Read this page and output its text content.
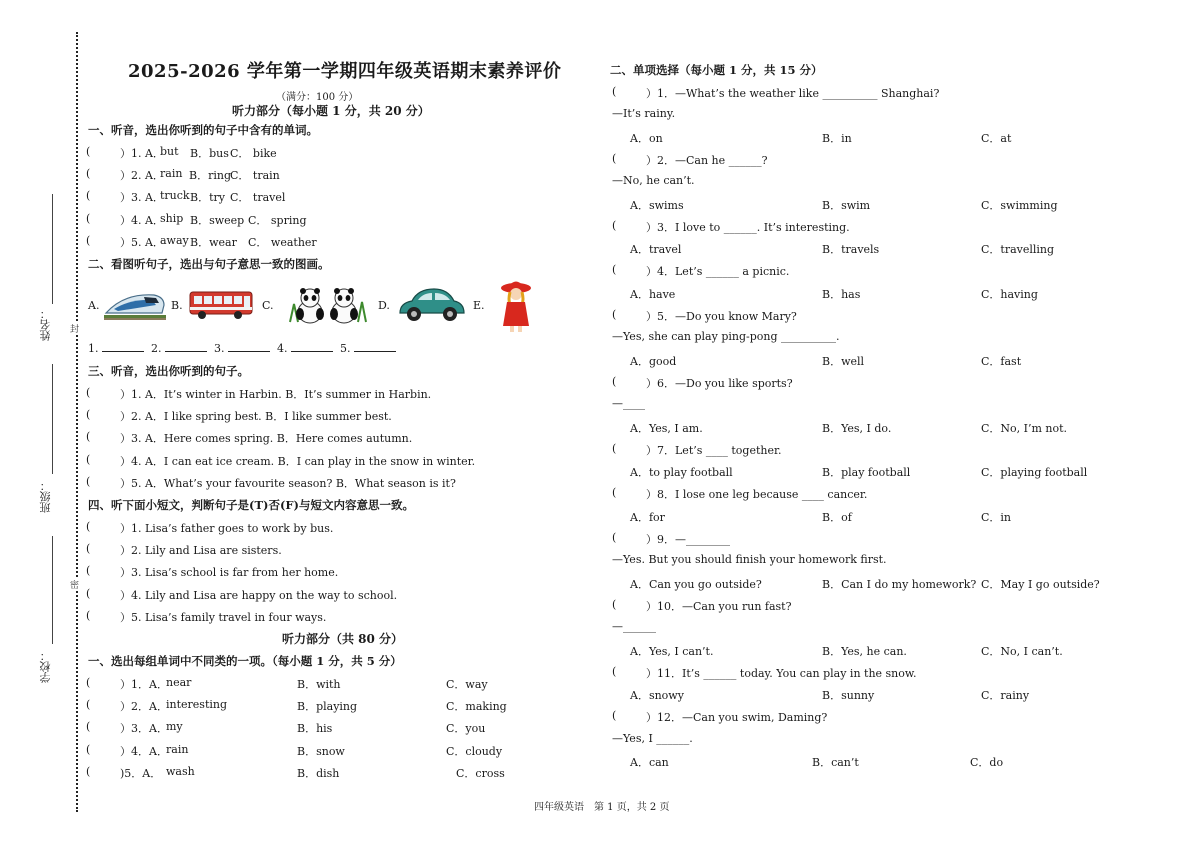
姓名：
班级：
学校：
封
密
2025-2026 学年第一学期四年级英语期末素养评价
（满分：100 分）
听力部分（每小题 1 分，共 20 分）
一、听音，选出你听到的句子中含有的单词。
二、看图听句子，选出与句子意思一致的图画。
A.	B.	C.	D.	E.
三、听音，选出你听到的句子。
四、听下面小短文，判断句子是(T)否(F)与短文内容意思一致。
听力部分（共 80 分）
一、选出每组单词中不同类的一项。（每小题 1 分，共 5 分）
二、单项选择（每小题 1 分，共 15 分）
四年级英语　第 1 页，共 2 页
(	）1. A．
but B．bus C． bike
(	）2. A．
rain B．ring C． train
(	）3. A．
truck B．try C． travel
(	）4. A．
ship B．sweep C． spring
(	）5. A．
away B．wear C． weather
1.	2.	3.	4.	5.
(	）1. A．It’s winter in Harbin. B．It’s summer in Harbin.
(	）2. A．I like spring best. B．I like summer best.
(	）3. A．Here comes spring. B．Here comes autumn.
(	）4. A．I can eat ice cream. B．I can play in the snow in winter.
(	）5. A．What’s your favourite season? B．What season is it?
(	）1. Lisa’s father goes to work by bus.
(	）2. Lily and Lisa are sisters.
(	）3. Lisa’s school is far from her home.
(	）4. Lily and Lisa are happy on the way to school.
(	）5. Lisa’s family travel in four ways.
(	）1．A．
near	B．with	C．way
(	）2．A．
interesting	B．playing	C．making
(	）3．A．
my	B．his	C．you
(	）4．A．
rain	B．snow	C．cloudy
(	)5．A． wash	B．dish	C．cross
(	）1．—What’s the weather like __________ Shanghai?
—It’s rainy.
A．on	B．in	C．at
(	）2．—Can he ______?
—No, he can’t.
A．swims	B．swim	C．swimming
(	）3．I love to ______. It’s interesting.
A．travel	B．travels	C．travelling
(	）4．Let’s ______ a picnic.
A．have	B．has	C．having
(	）5．—Do you know Mary?
—Yes, she can play ping-pong __________.
A．good	B．well	C．fast
(	）6．—Do you like sports?
—____
A．Yes, I am.	B．Yes, I do.	C．No, I’m not.
(	）7．Let’s ____ together.
A．to play football	B．play football	C．playing football
(	）8．I lose one leg because ____ cancer.
A．for	B．of	C．in
(	）9．—________
—Yes. But you should finish your homework first.
A．Can you go outside?	B．Can I do my homework? C．May I go outside?
(	）10．—Can you run fast?
—______
A．Yes, I can’t.	B．Yes, he can.	C．No, I can’t.
(	）11．It’s ______ today. You can play in the snow.
A．snowy	B．sunny	C．rainy
(	）12．—Can you swim, Daming?
—Yes, I ______.
A．can	B．can’t	C．do
